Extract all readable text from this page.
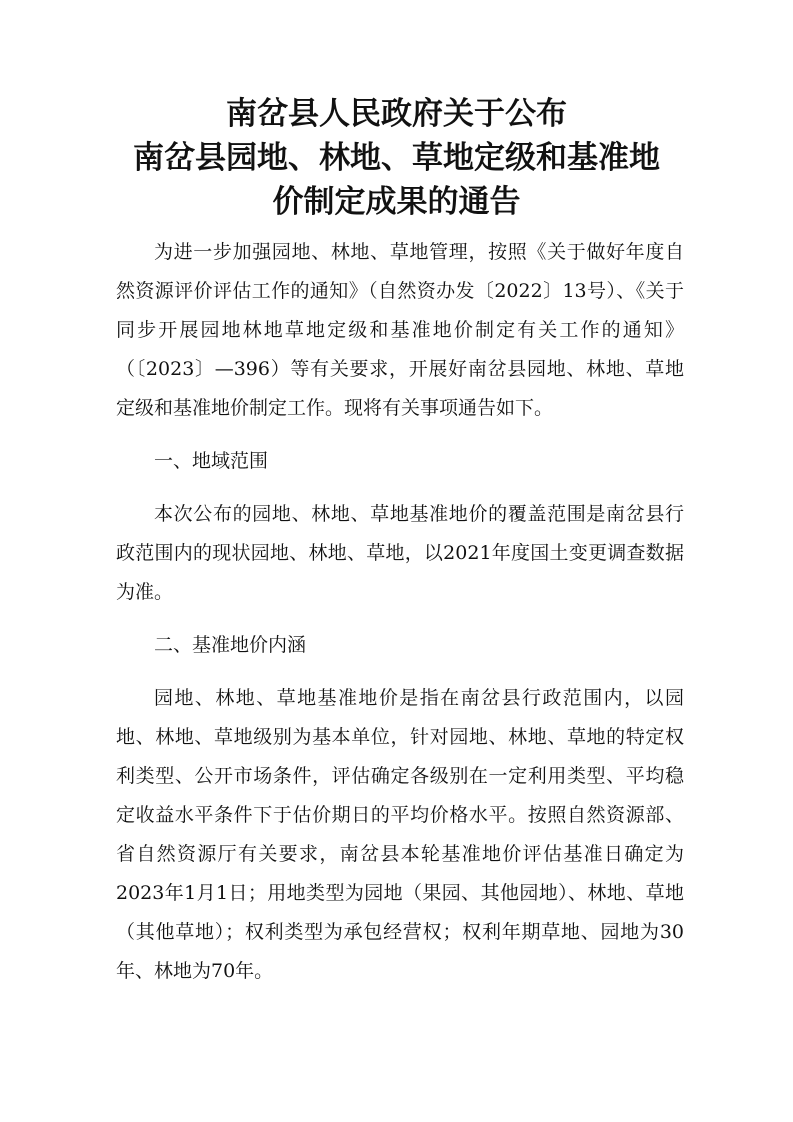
南岔县人民政府关于公布
南岔县园地、林地、草地定级和基准地
价制定成果的通告

为进一步加强园地、林地、草地管理，按照《关于做好年度自然资源评价评估工作的通知》（自然资办发〔2022〕13号）、《关于同步开展园地林地草地定级和基准地价制定有关工作的通知》（〔2023〕—396）等有关要求，开展好南岔县园地、林地、草地定级和基准地价制定工作。现将有关事项通告如下。

一、地域范围

本次公布的园地、林地、草地基准地价的覆盖范围是南岔县行政范围内的现状园地、林地、草地，以2021年度国土变更调查数据为准。

二、基准地价内涵

园地、林地、草地基准地价是指在南岔县行政范围内，以园地、林地、草地级别为基本单位，针对园地、林地、草地的特定权利类型、公开市场条件，评估确定各级别在一定利用类型、平均稳定收益水平条件下于估价期日的平均价格水平。按照自然资源部、省自然资源厅有关要求，南岔县本轮基准地价评估基准日确定为2023年1月1日；用地类型为园地（果园、其他园地）、林地、草地（其他草地）；权利类型为承包经营权；权利年期草地、园地为30年、林地为70年。
